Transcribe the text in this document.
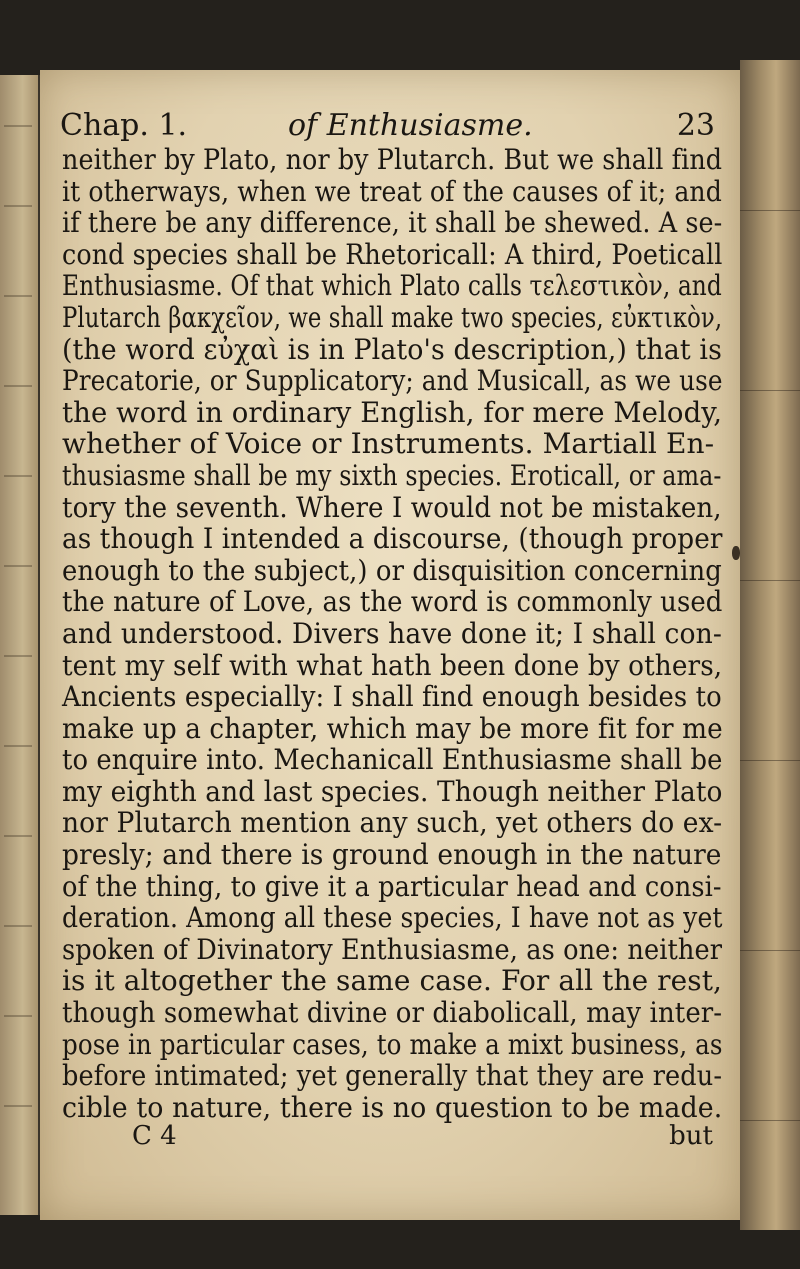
Chap. 1.	of Enthusiasme.	23
neither by Plato, nor by Plutarch. But we shall find
it otherways, when we treat of the causes of it; and
if there be any difference, it shall be shewed. A se-
cond species shall be Rhetoricall: A third, Poeticall
Enthusiasme. Of that which Plato calls τελεστικὸν, and
Plutarch βακχεῖον, we shall make two species, εὐκτικὸν,
(the word εὐχαὶ is in Plato's description,) that is
Precatorie, or Supplicatory; and Musicall, as we use
the word in ordinary English, for mere Melody,
whether of Voice or Instruments. Martiall En-
thusiasme shall be my sixth species. Eroticall, or ama-
tory the seventh. Where I would not be mistaken,
as though I intended a discourse, (though proper
enough to the subject,) or disquisition concerning
the nature of Love, as the word is commonly used
and understood. Divers have done it; I shall con-
tent my self with what hath been done by others,
Ancients especially: I shall find enough besides to
make up a chapter, which may be more fit for me
to enquire into. Mechanicall Enthusiasme shall be
my eighth and last species. Though neither Plato
nor Plutarch mention any such, yet others do ex-
presly; and there is ground enough in the nature
of the thing, to give it a particular head and consi-
deration. Among all these species, I have not as yet
spoken of Divinatory Enthusiasme, as one: neither
is it altogether the same case. For all the rest,
though somewhat divine or diabolicall, may inter-
pose in particular cases, to make a mixt business, as
before intimated; yet generally that they are redu-
cible to nature, there is no question to be made.
C 4	but
